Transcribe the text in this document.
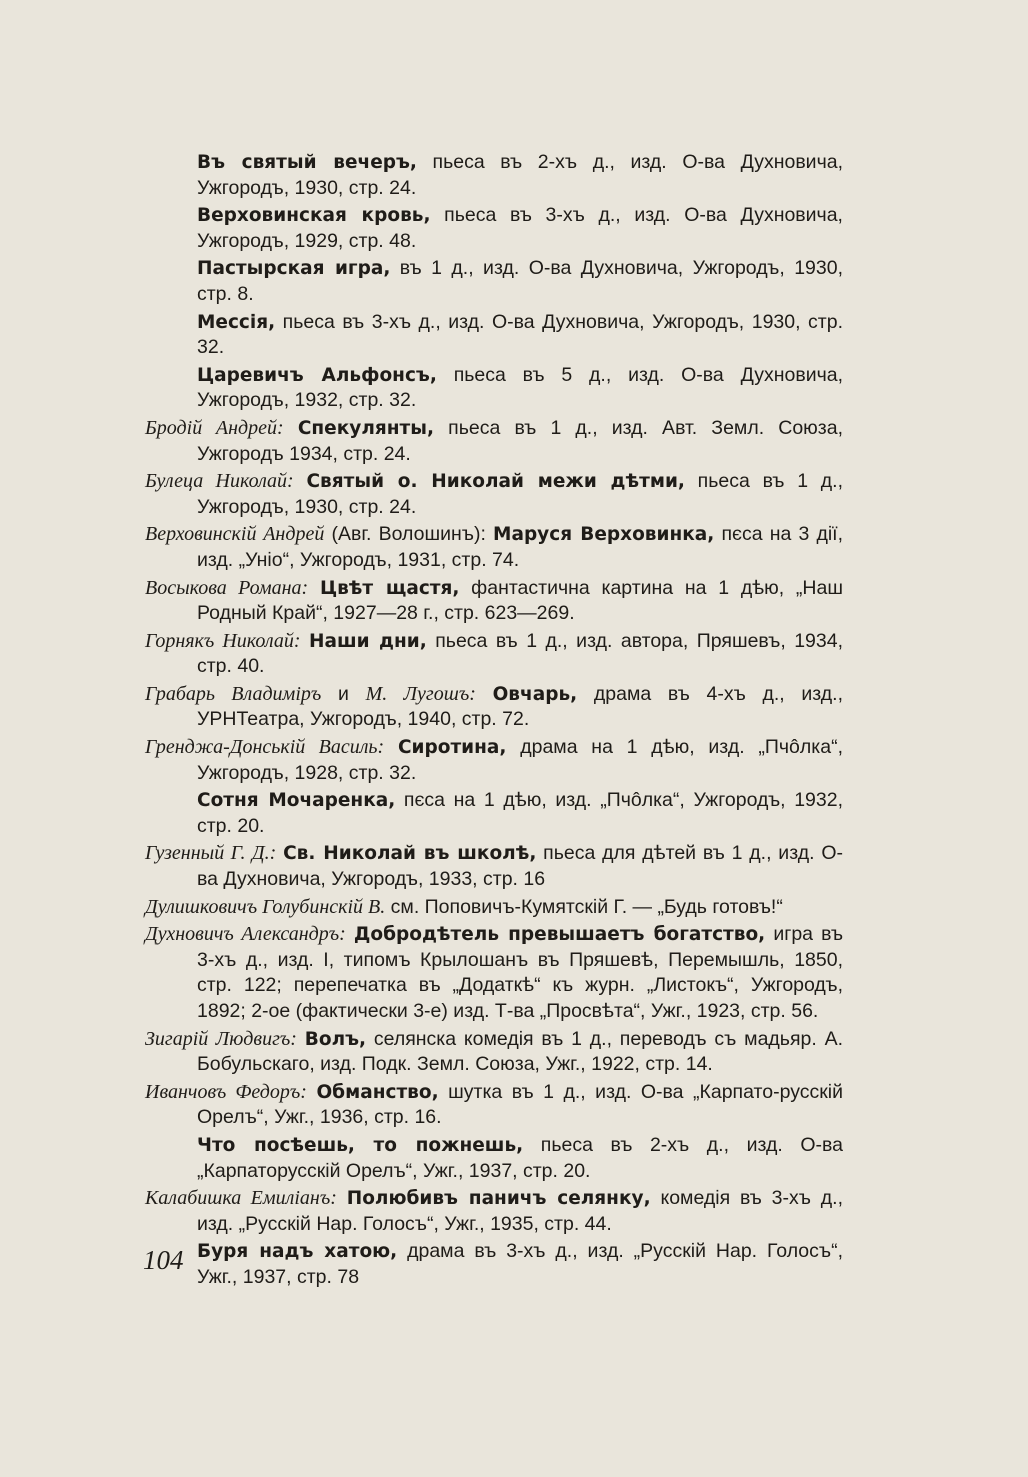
Въ святый вечеръ, пьеса въ 2-хъ д., изд. О-ва Духновича, Ужгородъ, 1930, стр. 24.
Верховинская кровь, пьеса въ 3-хъ д., изд. О-ва Духновича, Ужгородъ, 1929, стр. 48.
Пастырская игра, въ 1 д., изд. О-ва Духновича, Ужгородъ, 1930, стр. 8.
Мессія, пьеса въ 3-хъ д., изд. О-ва Духновича, Ужгородъ, 1930, стр. 32.
Царевичъ Альфонсъ, пьеса въ 5 д., изд. О-ва Духновича, Ужгородъ, 1932, стр. 32.
Бродій Андрей: Спекулянты, пьеса въ 1 д., изд. Авт. Земл. Союза, Ужгородъ 1934, стр. 24.
Булеца Николай: Святый о. Николай межи дѣтми, пьеса въ 1 д., Ужгородъ, 1930, стр. 24.
Верховинскій Андрей (Авг. Волошинъ): Маруся Верховинка, пєса на 3 дії, изд. „Уніо“, Ужгородъ, 1931, стр. 74.
Восыкова Романа: Цвѣт щастя, фантастична картина на 1 дѣю, „Наш Родный Край“, 1927—28 г., стр. 623—269.
Горнякъ Николай: Наши дни, пьеса въ 1 д., изд. автора, Пряшевъ, 1934, стр. 40.
Грабарь Владиміръ и М. Лугошъ: Овчарь, драма въ 4-хъ д., изд., УРНТеатра, Ужгородъ, 1940, стр. 72.
Гренджа-Донськiй Василь: Сиротина, драма на 1 дѣю, изд. „Пчôлка“, Ужгородъ, 1928, стр. 32.
Сотня Мочаренка, пєса на 1 дѣю, изд. „Пчôлка“, Ужгородъ, 1932, стр. 20.
Гузенный Г. Д.: Св. Николай въ школѣ, пьеса для дѣтей въ 1 д., изд. О-ва Духновича, Ужгородъ, 1933, стр. 16
Дулишковичъ Голубинскій В. см. Поповичъ-Кумятскій Г. — „Будь готовъ!“
Духновичъ Александръ: Добродѣтель превышаетъ богатство, игра въ 3-хъ д., изд. І, типомъ Крылошанъ въ Пряшевѣ, Перемышль, 1850, стр. 122; перепечатка въ „Додаткѣ“ къ журн. „Листокъ“, Ужгородъ, 1892; 2-ое (фактически 3-е) изд. Т-ва „Просвѣта“, Ужг., 1923, стр. 56.
Зигарій Людвигъ: Волъ, селянска комедія въ 1 д., переводъ съ мадьяр. А. Бобульскаго, изд. Подк. Земл. Союза, Ужг., 1922, стр. 14.
Иванчовъ Федоръ: Обманство, шутка въ 1 д., изд. О-ва „Карпато-русскій Орелъ“, Ужг., 1936, стр. 16.
Что посѣешь, то пожнешь, пьеса въ 2-хъ д., изд. О-ва „Карпаторусскій Орелъ“, Ужг., 1937, стр. 20.
Калабишка Емиліанъ: Полюбивъ паничъ селянку, комедія въ 3-хъ д., изд. „Русскій Нар. Голосъ“, Ужг., 1935, стр. 44.
Буря надъ хатою, драма въ 3-хъ д., изд. „Русскій Нар. Голосъ“, Ужг., 1937, стр. 78
104
